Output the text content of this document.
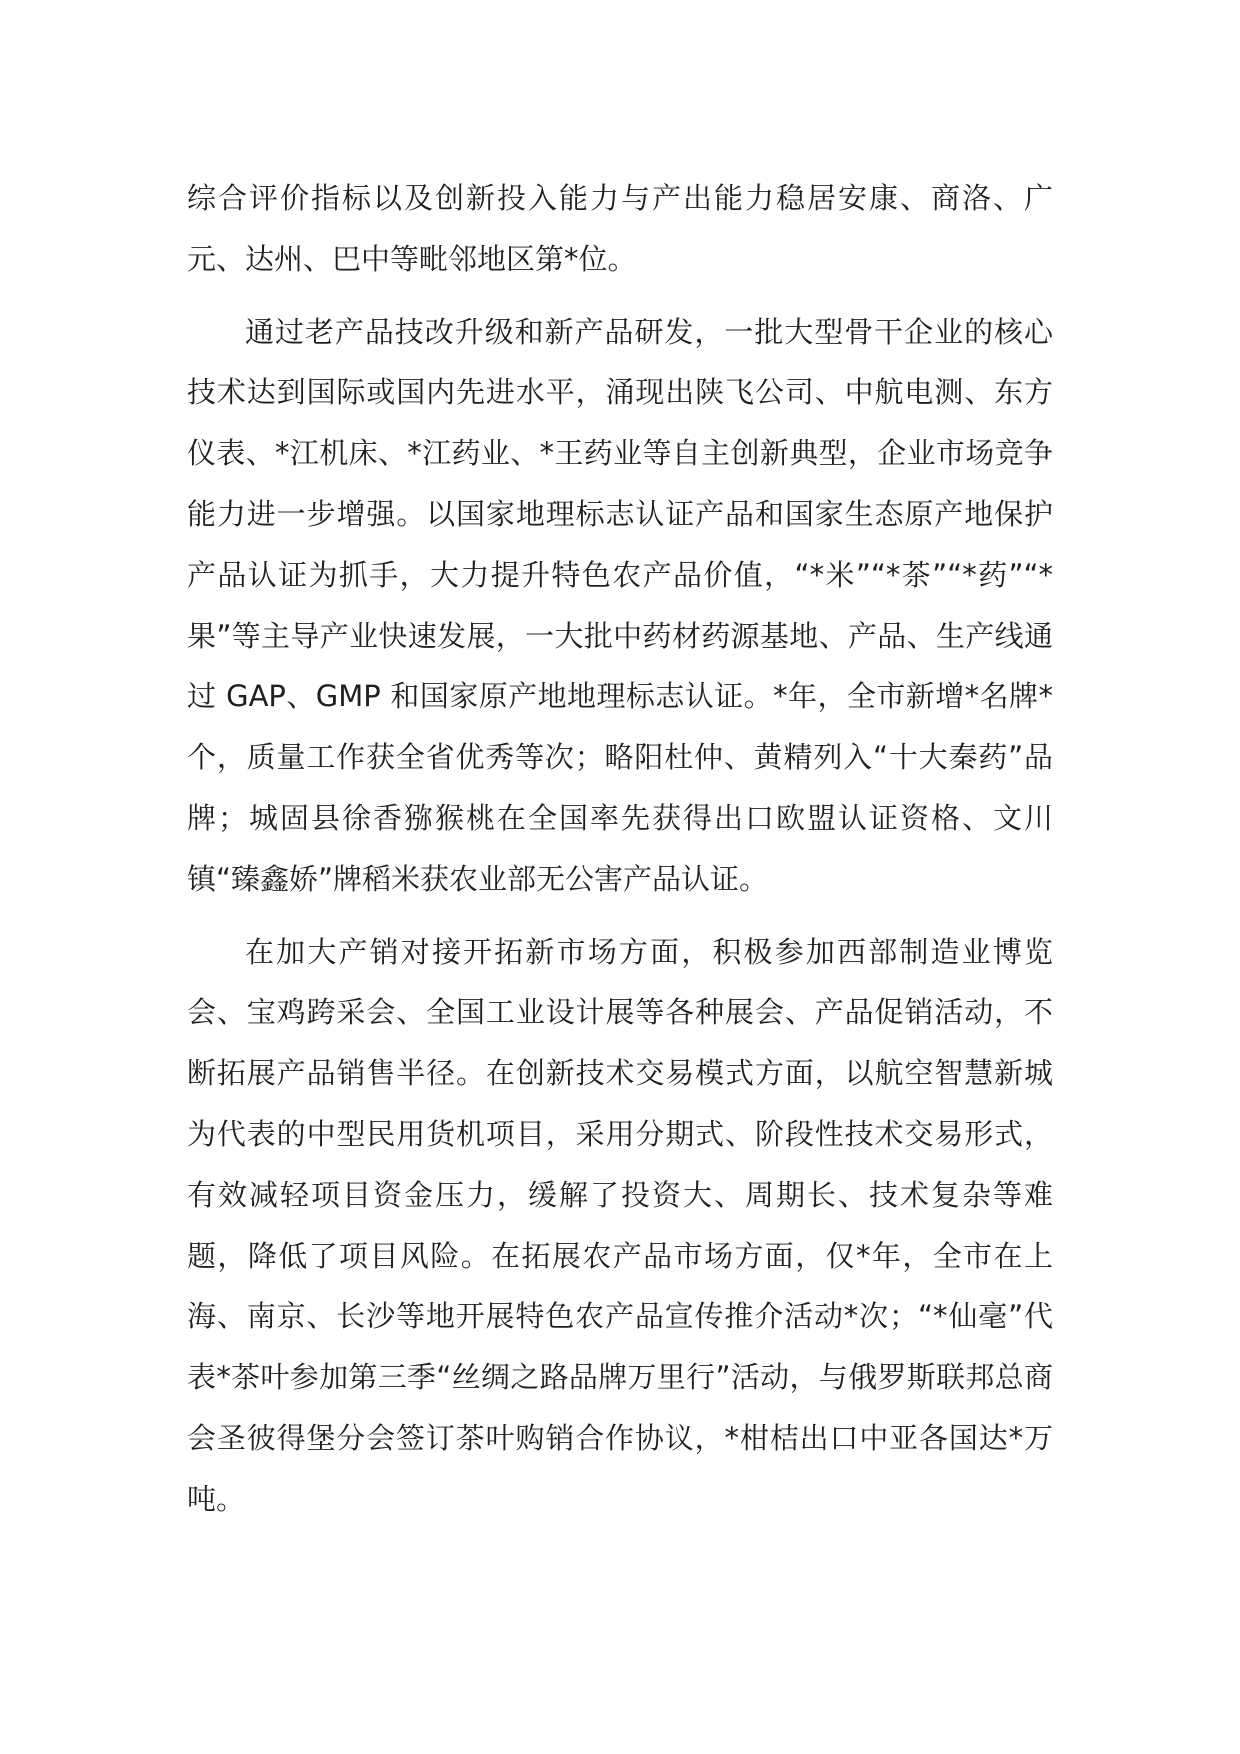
综合评价指标以及创新投入能力与产出能力稳居安康、商洛、广元、达州、巴中等毗邻地区第*位。

通过老产品技改升级和新产品研发，一批大型骨干企业的核心技术达到国际或国内先进水平，涌现出陕飞公司、中航电测、东方仪表、*江机床、*江药业、*王药业等自主创新典型，企业市场竞争能力进一步增强。以国家地理标志认证产品和国家生态原产地保护产品认证为抓手，大力提升特色农产品价值，“*米”“*茶”“*药”“*果”等主导产业快速发展，一大批中药材药源基地、产品、生产线通过 GAP、GMP 和国家原产地地理标志认证。*年，全市新增*名牌*个，质量工作获全省优秀等次；略阳杜仲、黄精列入“十大秦药”品牌；城固县徐香猕猴桃在全国率先获得出口欧盟认证资格、文川镇“臻鑫娇”牌稻米获农业部无公害产品认证。

在加大产销对接开拓新市场方面，积极参加西部制造业博览会、宝鸡跨采会、全国工业设计展等各种展会、产品促销活动，不断拓展产品销售半径。在创新技术交易模式方面，以航空智慧新城为代表的中型民用货机项目，采用分期式、阶段性技术交易形式，有效减轻项目资金压力，缓解了投资大、周期长、技术复杂等难题，降低了项目风险。在拓展农产品市场方面，仅*年，全市在上海、南京、长沙等地开展特色农产品宣传推介活动*次；“*仙毫”代表*茶叶参加第三季“丝绸之路品牌万里行”活动，与俄罗斯联邦总商会圣彼得堡分会签订茶叶购销合作协议，*柑桔出口中亚各国达*万吨。
